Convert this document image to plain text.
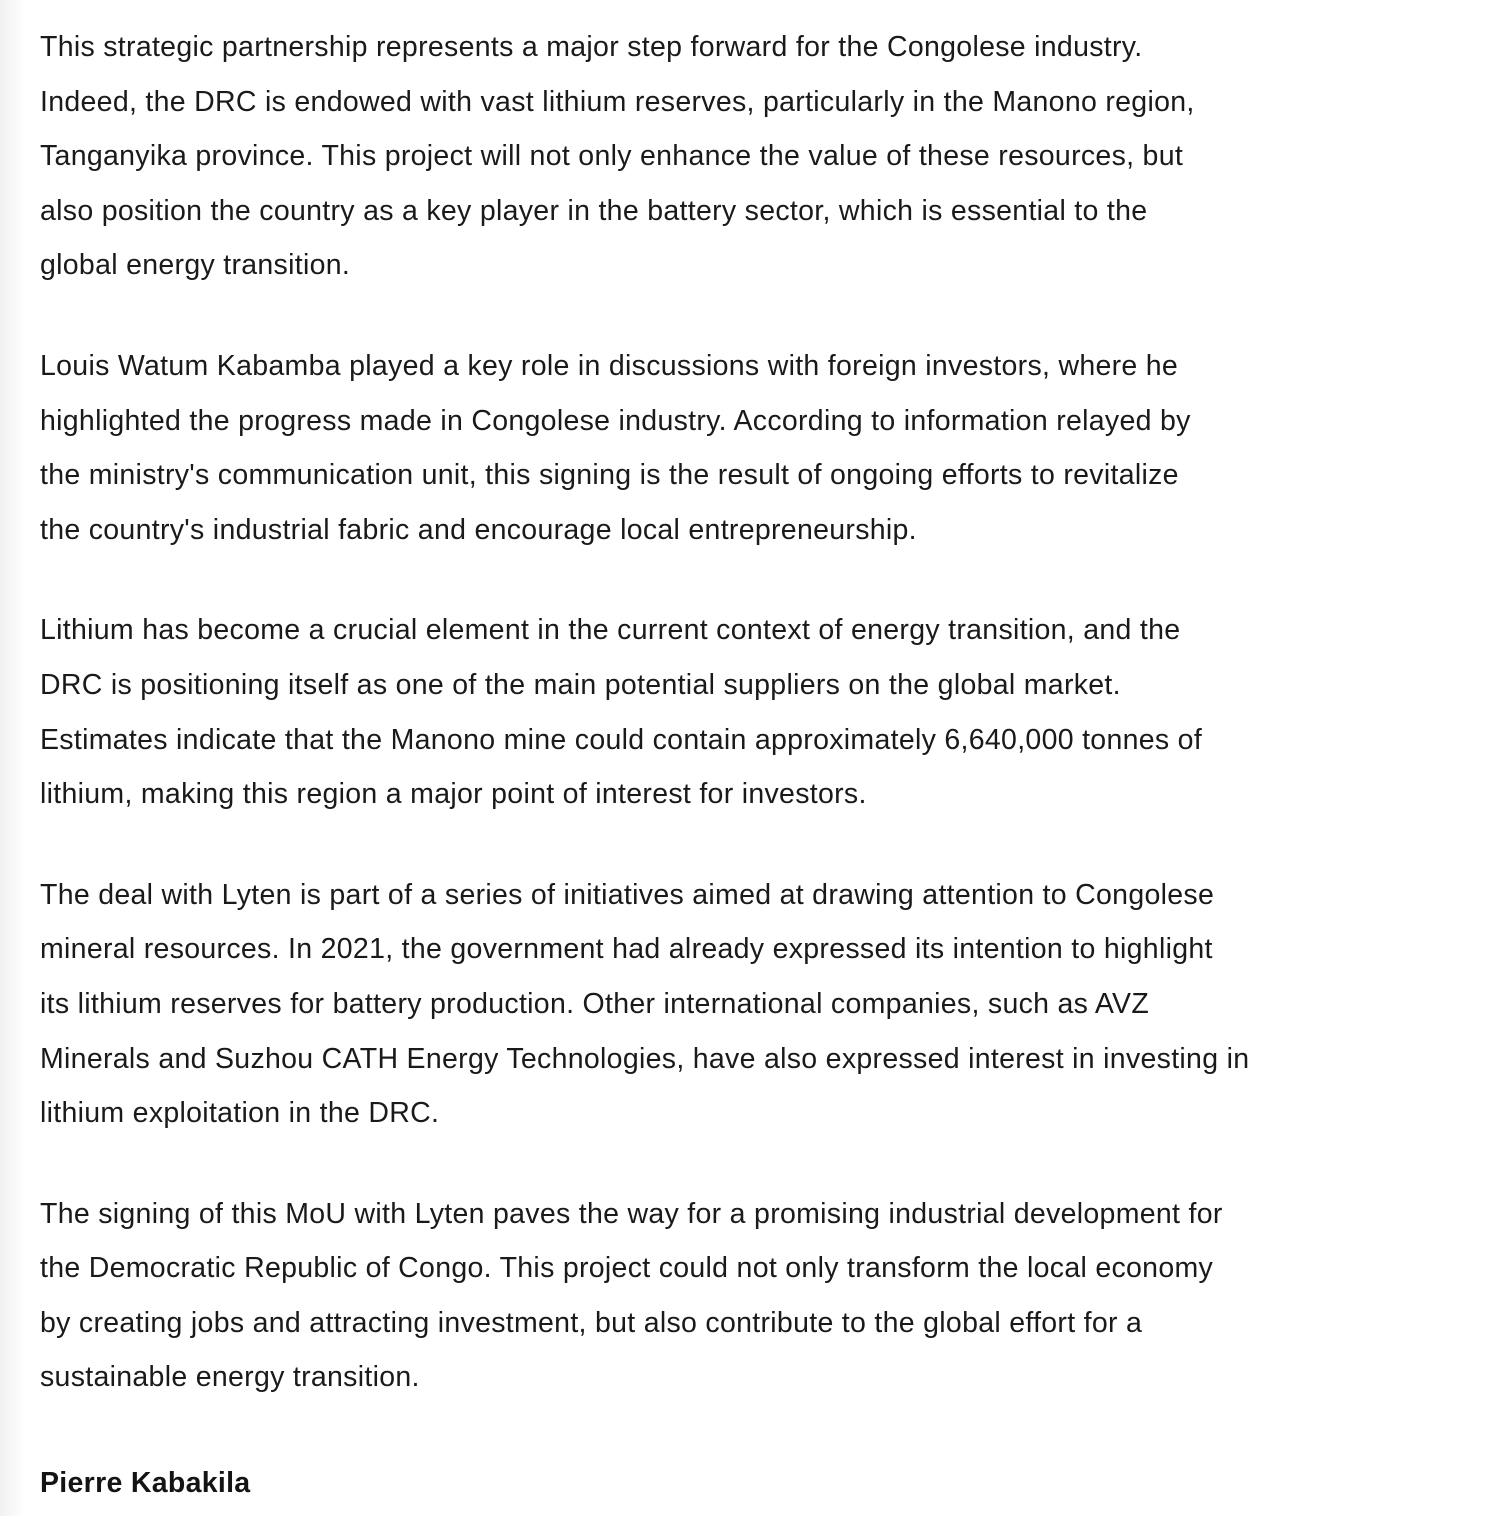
This strategic partnership represents a major step forward for the Congolese industry.
Indeed, the DRC is endowed with vast lithium reserves, particularly in the Manono region,
Tanganyika province. This project will not only enhance the value of these resources, but
also position the country as a key player in the battery sector, which is essential to the
global energy transition.

Louis Watum Kabamba played a key role in discussions with foreign investors, where he
highlighted the progress made in Congolese industry. According to information relayed by
the ministry's communication unit, this signing is the result of ongoing efforts to revitalize
the country's industrial fabric and encourage local entrepreneurship.

Lithium has become a crucial element in the current context of energy transition, and the
DRC is positioning itself as one of the main potential suppliers on the global market.
Estimates indicate that the Manono mine could contain approximately 6,640,000 tonnes of
lithium, making this region a major point of interest for investors.

The deal with Lyten is part of a series of initiatives aimed at drawing attention to Congolese
mineral resources. In 2021, the government had already expressed its intention to highlight
its lithium reserves for battery production. Other international companies, such as AVZ
Minerals and Suzhou CATH Energy Technologies, have also expressed interest in investing in
lithium exploitation in the DRC.

The signing of this MoU with Lyten paves the way for a promising industrial development for
the Democratic Republic of Congo. This project could not only transform the local economy
by creating jobs and attracting investment, but also contribute to the global effort for a
sustainable energy transition.

Pierre Kabakila
